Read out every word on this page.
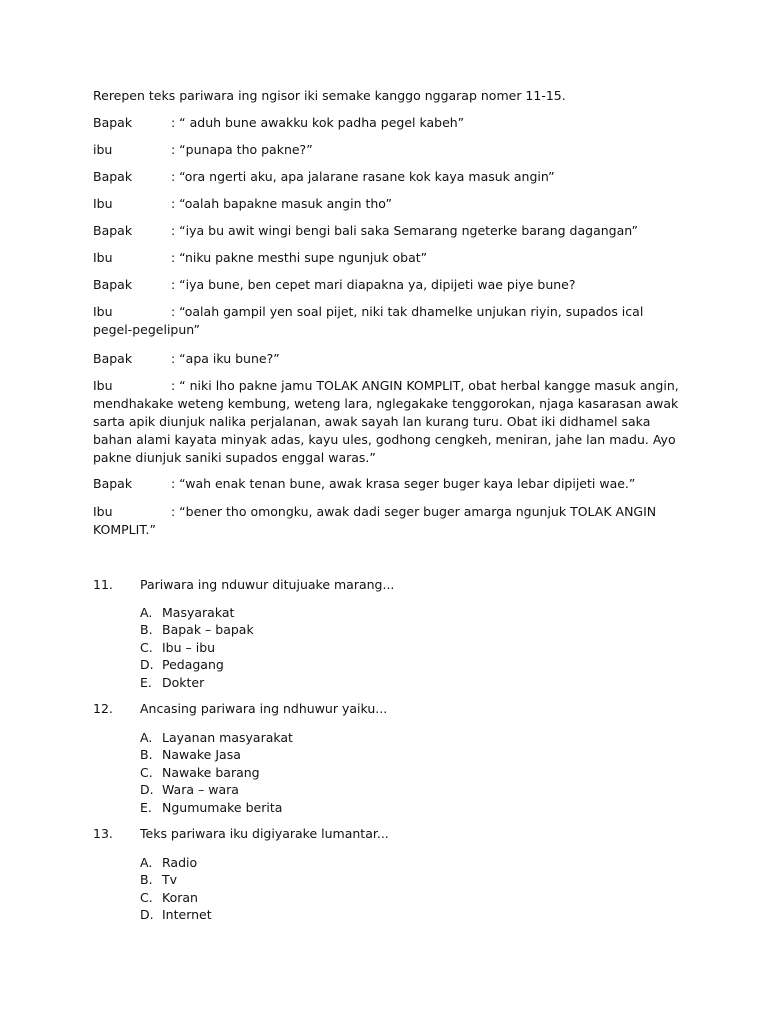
Rerepen teks pariwara ing ngisor iki semake kanggo nggarap nomer 11-15.
Bapak	: “ aduh bune awakku kok padha pegel kabeh”
ibu	: “punapa tho pakne?”
Bapak	: “ora ngerti aku, apa jalarane rasane kok kaya masuk angin”
Ibu	: “oalah bapakne masuk angin tho”
Bapak	: “iya bu awit wingi bengi bali saka Semarang ngeterke barang dagangan”
Ibu	: “niku pakne mesthi supe ngunjuk obat”
Bapak	: “iya bune, ben cepet mari diapakna ya, dipijeti wae piye bune?
Ibu	: “oalah gampil yen soal pijet, niki tak dhamelke unjukan riyin, supados ical pegel-pegelipun”
Bapak	: “apa iku bune?”
Ibu	: “ niki lho pakne jamu TOLAK ANGIN KOMPLIT, obat herbal kangge masuk angin, mendhakake weteng kembung, weteng lara, nglegakake tenggorokan, njaga kasarasan awak sarta apik diunjuk nalika perjalanan, awak sayah lan kurang turu. Obat iki didhamel saka bahan alami kayata minyak adas, kayu ules, godhong cengkeh, meniran, jahe lan madu. Ayo pakne diunjuk saniki supados enggal waras.”
Bapak	: “wah enak tenan bune, awak krasa seger buger kaya lebar dipijeti wae.”
Ibu	: “bener tho omongku, awak dadi seger buger amarga ngunjuk TOLAK ANGIN KOMPLIT.”
11.	Pariwara ing nduwur ditujuake marang...
A. Masyarakat
B. Bapak – bapak
C. Ibu – ibu
D. Pedagang
E. Dokter
12.	Ancasing pariwara ing ndhuwur yaiku...
A. Layanan masyarakat
B. Nawake Jasa
C. Nawake barang
D. Wara – wara
E. Ngumumake berita
13.	Teks pariwara iku digiyarake lumantar...
A. Radio
B. Tv
C. Koran
D. Internet
